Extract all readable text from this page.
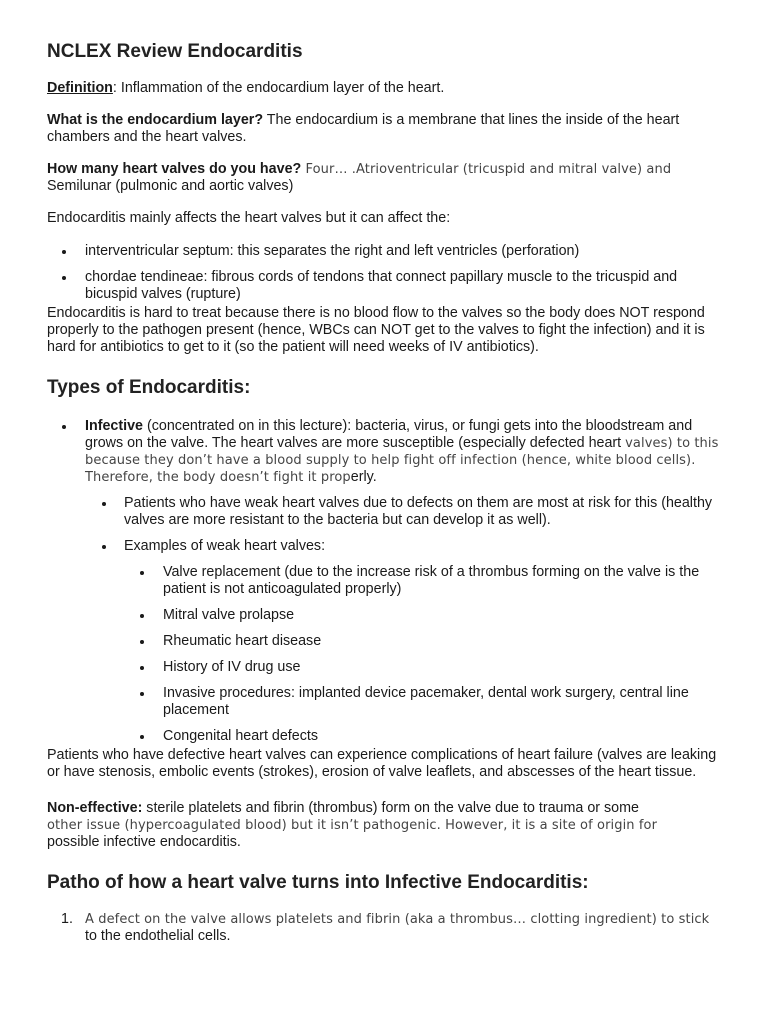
NCLEX Review Endocarditis

Definition: Inflammation of the endocardium layer of the heart.

What is the endocardium layer? The endocardium is a membrane that lines the inside of the heart chambers and the heart valves.

How many heart valves do you have? Four… .Atrioventricular (tricuspid and mitral valve) and
Semilunar (pulmonic and aortic valves)

Endocarditis mainly affects the heart valves but it can affect the:

interventricular septum: this separates the right and left ventricles (perforation)
chordae tendineae: fibrous cords of tendons that connect papillary muscle to the tricuspid and bicuspid valves (rupture)

Endocarditis is hard to treat because there is no blood flow to the valves so the body does NOT respond properly to the pathogen present (hence, WBCs can NOT get to the valves to fight the infection) and it is hard for antibiotics to get to it (so the patient will need weeks of IV antibiotics).

Types of Endocarditis:
Infective (concentrated on in this lecture): bacteria, virus, or fungi gets into the bloodstream and grows on the valve. The heart valves are more susceptible (especially defected heart valves) to this because they don’t have a blood supply to help fight off infection (hence, white blood cells). Therefore, the body doesn’t fight it properly.
Patients who have weak heart valves due to defects on them are most at risk for this (healthy valves are more resistant to the bacteria but can develop it as well).
Examples of weak heart valves:
Valve replacement (due to the increase risk of a thrombus forming on the valve is the patient is not anticoagulated properly)
Mitral valve prolapse
Rheumatic heart disease
History of IV drug use
Invasive procedures: implanted device pacemaker, dental work surgery, central line placement
Congenital heart defects

Patients who have defective heart valves can experience complications of heart failure (valves are leaking or have stenosis, embolic events (strokes), erosion of valve leaflets, and abscesses of the heart tissue.

Non-effective: sterile platelets and fibrin (thrombus) form on the valve due to trauma or some
other issue (hypercoagulated blood) but it isn’t pathogenic. However, it is a site of origin for
possible infective endocarditis.

Patho of how a heart valve turns into Infective Endocarditis:
1. A defect on the valve allows platelets and fibrin (aka a thrombus… clotting ingredient) to stick
to the endothelial cells.
